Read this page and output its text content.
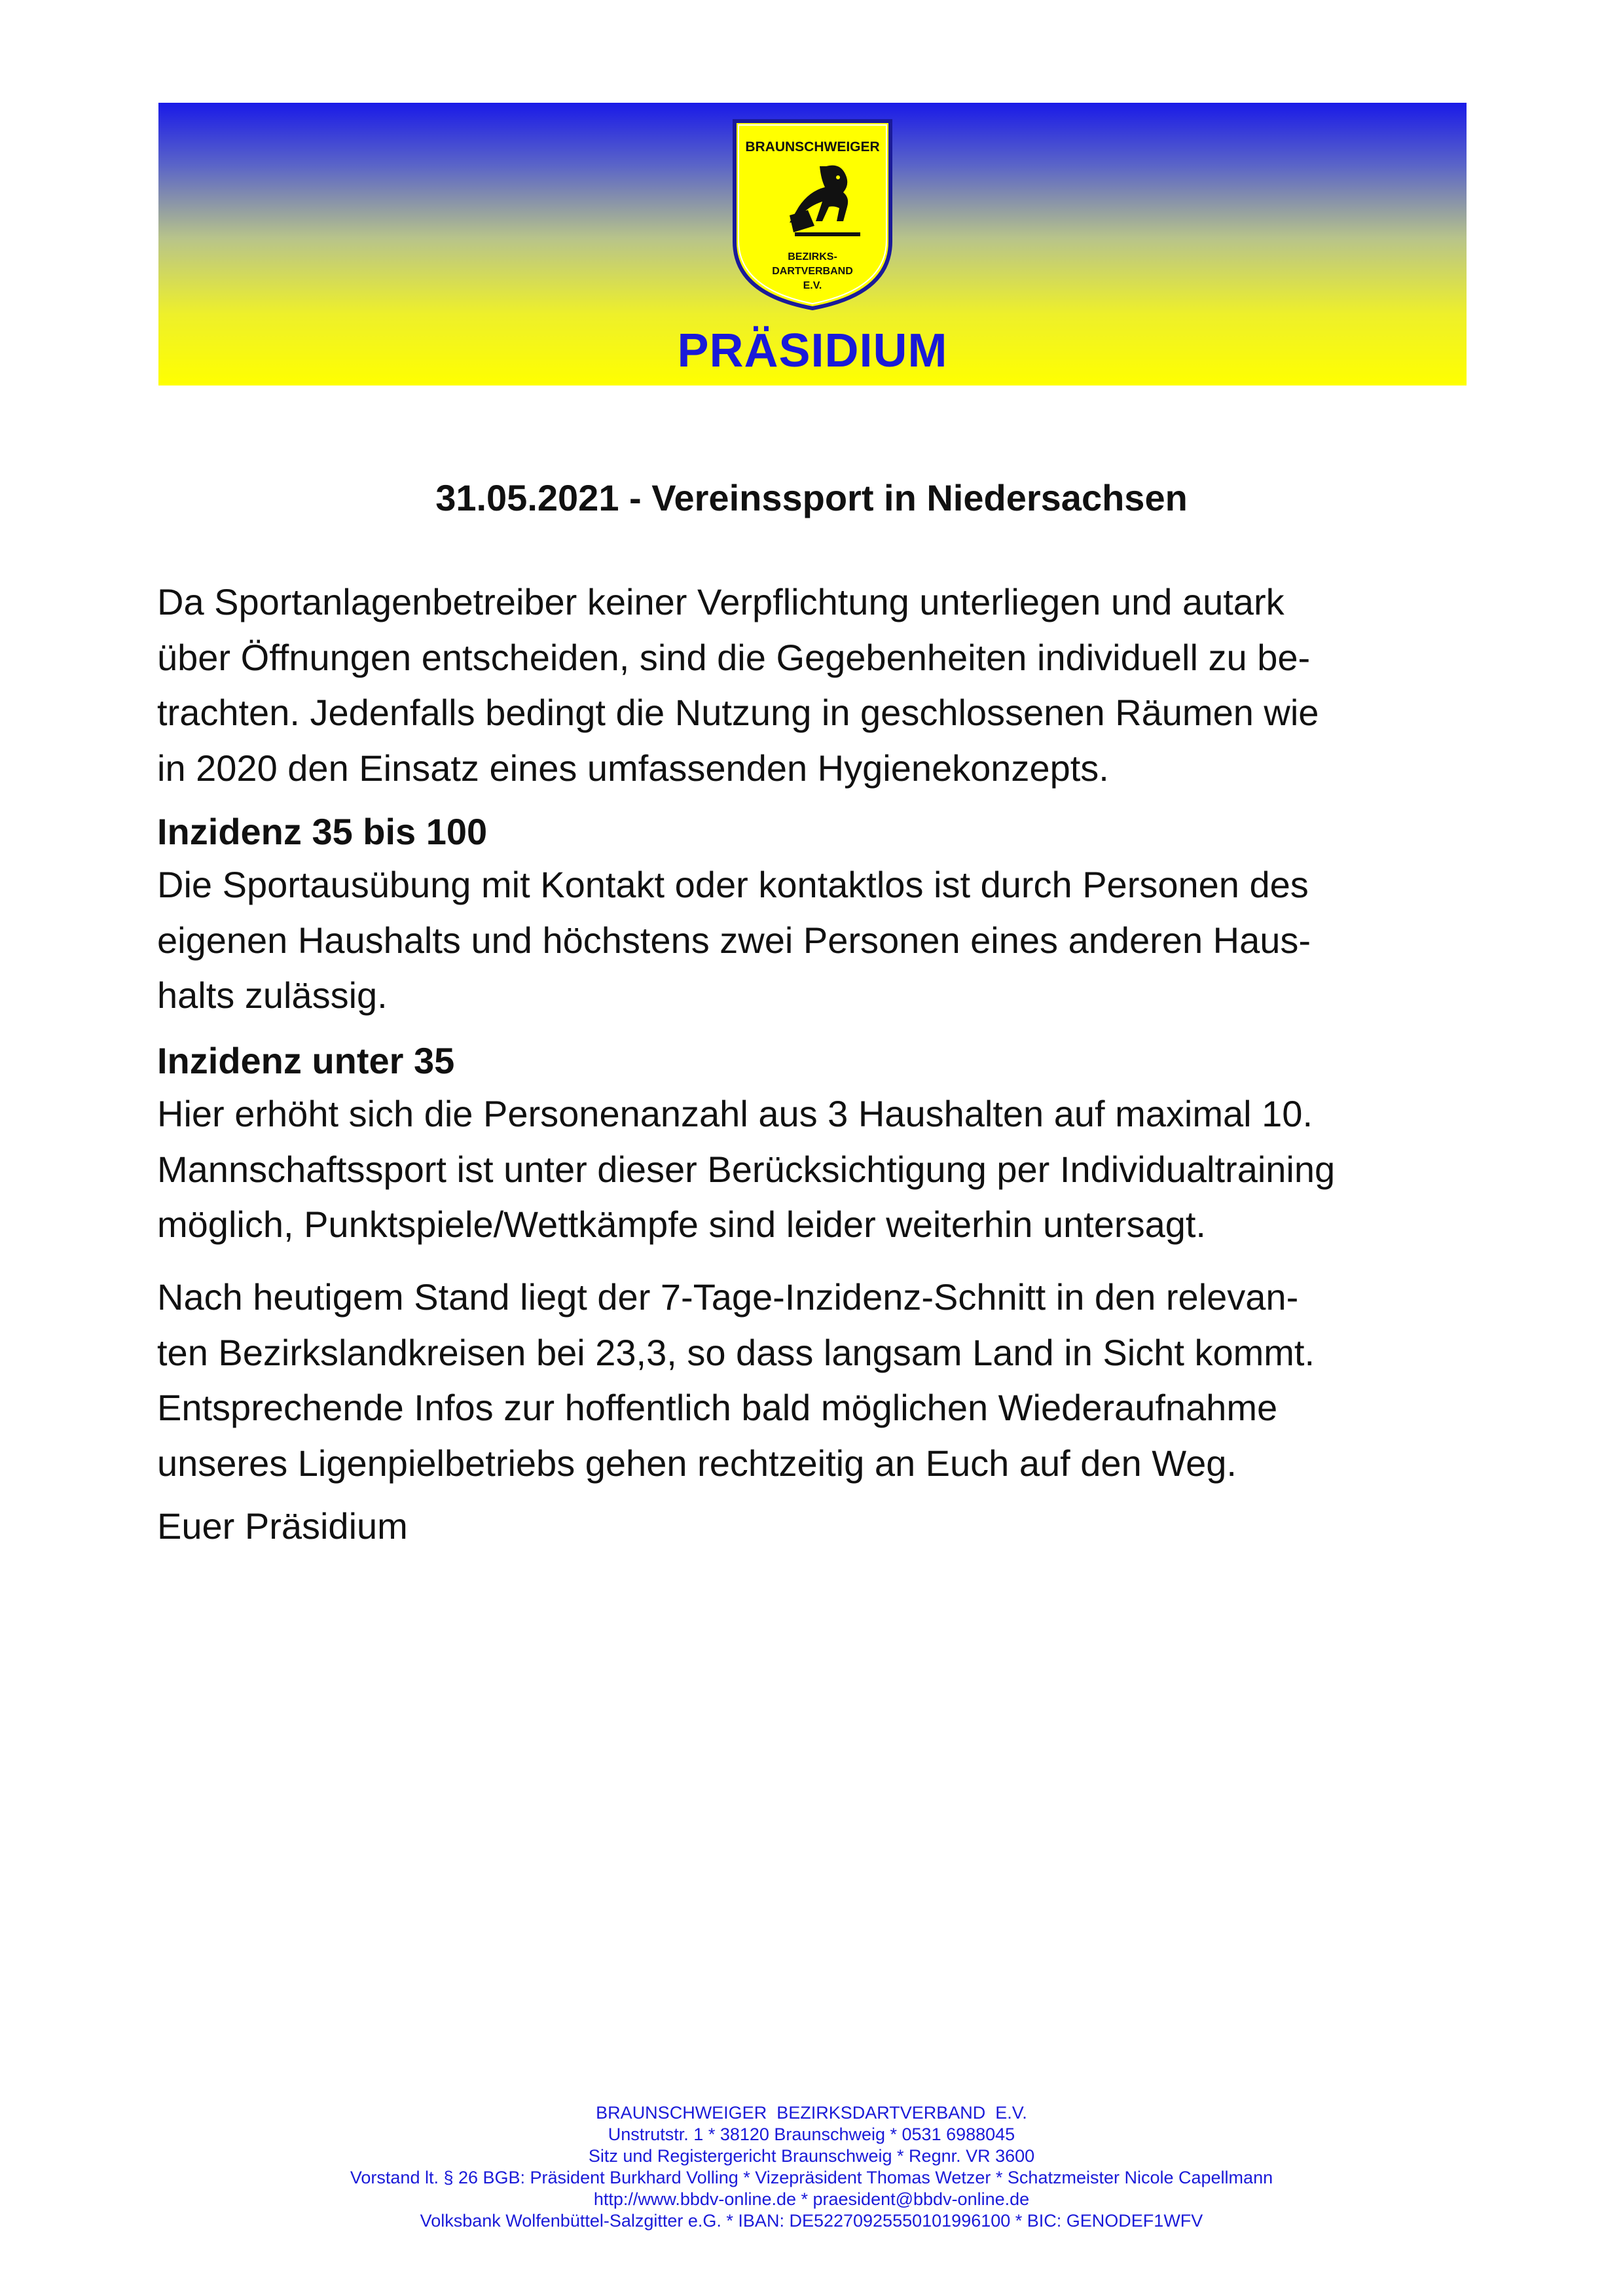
BRAUNSCHWEIGER
BEZIRKS-
DARTVERBAND
E.V.
PRÄSIDIUM
31.05.2021 - Vereinssport in Niedersachsen
Da Sportanlagenbetreiber keiner Verpflichtung unterliegen und autark
über Öffnungen entscheiden, sind die Gegebenheiten individuell zu be-
trachten. Jedenfalls bedingt die Nutzung in geschlossenen Räumen wie
in 2020 den Einsatz eines umfassenden Hygienekonzepts.
Inzidenz 35 bis 100
Die Sportausübung mit Kontakt oder kontaktlos ist durch Personen des
eigenen Haushalts und höchstens zwei Personen eines anderen Haus-
halts zulässig.
Inzidenz unter 35
Hier erhöht sich die Personenanzahl aus 3 Haushalten auf maximal 10.
Mannschaftssport ist unter dieser Berücksichtigung per Individualtraining
möglich, Punktspiele/Wettkämpfe sind leider weiterhin untersagt.
Nach heutigem Stand liegt der 7-Tage-Inzidenz-Schnitt in den relevan-
ten Bezirkslandkreisen bei 23,3, so dass langsam Land in Sicht kommt.
Entsprechende Infos zur hoffentlich bald möglichen Wiederaufnahme
unseres Ligenpielbetriebs gehen rechtzeitig an Euch auf den Weg.
Euer Präsidium
BRAUNSCHWEIGER  BEZIRKSDARTVERBAND  E.V.
Unstrutstr. 1 * 38120 Braunschweig * 0531 6988045
Sitz und Registergericht Braunschweig * Regnr. VR 3600
Vorstand lt. § 26 BGB: Präsident Burkhard Volling * Vizepräsident Thomas Wetzer * Schatzmeister Nicole Capellmann
http://www.bbdv-online.de * praesident@bbdv-online.de
Volksbank Wolfenbüttel-Salzgitter e.G. * IBAN: DE52270925550101996100 * BIC: GENODEF1WFV
